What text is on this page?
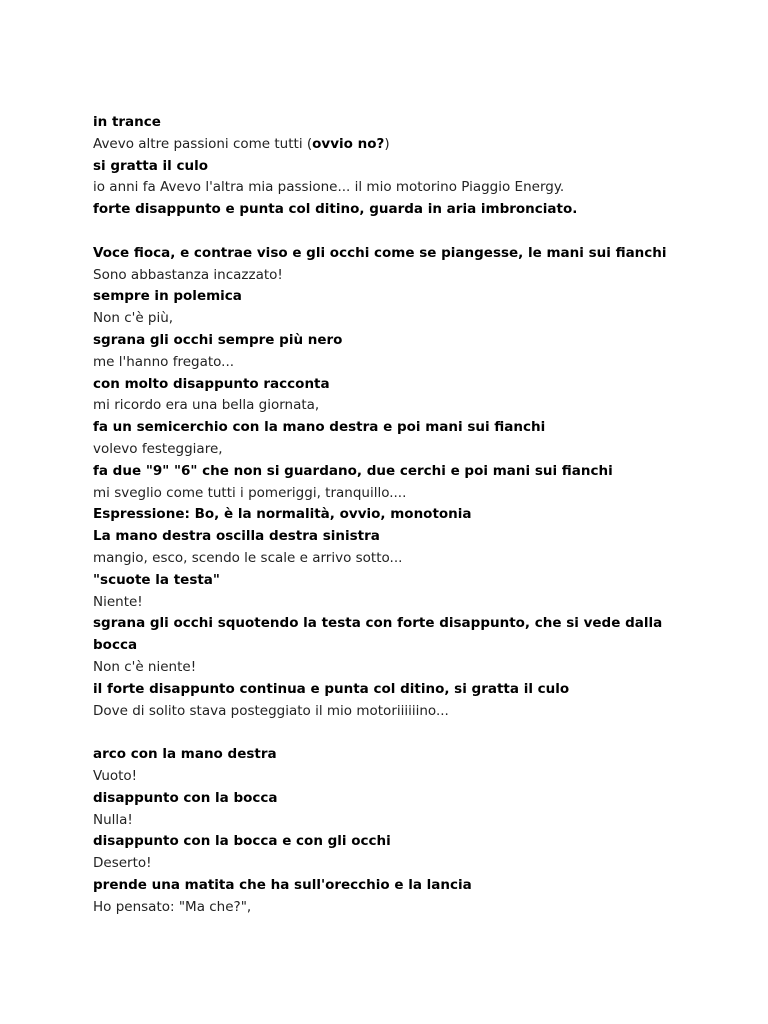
in trance
Avevo altre passioni come tutti (ovvio no?)
si gratta il culo
io anni fa Avevo l'altra mia passione... il mio motorino Piaggio Energy.
forte disappunto e punta col ditino, guarda in aria imbronciato.
Voce fioca, e contrae viso e gli occhi come se piangesse, le mani sui fianchi
Sono abbastanza incazzato!
sempre in polemica
Non c'è più,
sgrana gli occhi sempre più nero
me l'hanno fregato...
con molto disappunto racconta
mi ricordo era una bella giornata,
fa un semicerchio con la mano destra e poi mani sui fianchi
volevo festeggiare,
fa due "9" "6" che non si guardano, due cerchi e poi mani sui fianchi
mi sveglio come tutti i pomeriggi, tranquillo....
Espressione: Bo, è la normalità, ovvio, monotonia
La mano destra oscilla destra sinistra
mangio, esco, scendo le scale e arrivo sotto...
"scuote la testa"
Niente!
sgrana gli occhi squotendo la testa con forte disappunto, che si vede dalla
bocca
Non c'è niente!
il forte disappunto continua e punta col ditino, si gratta il culo
Dove di solito stava posteggiato il mio motoriiiiiino...
arco con la mano destra
Vuoto!
disappunto con la bocca
Nulla!
disappunto con la bocca e con gli occhi
Deserto!
prende una matita che ha sull'orecchio e la lancia
Ho pensato: "Ma che?",
